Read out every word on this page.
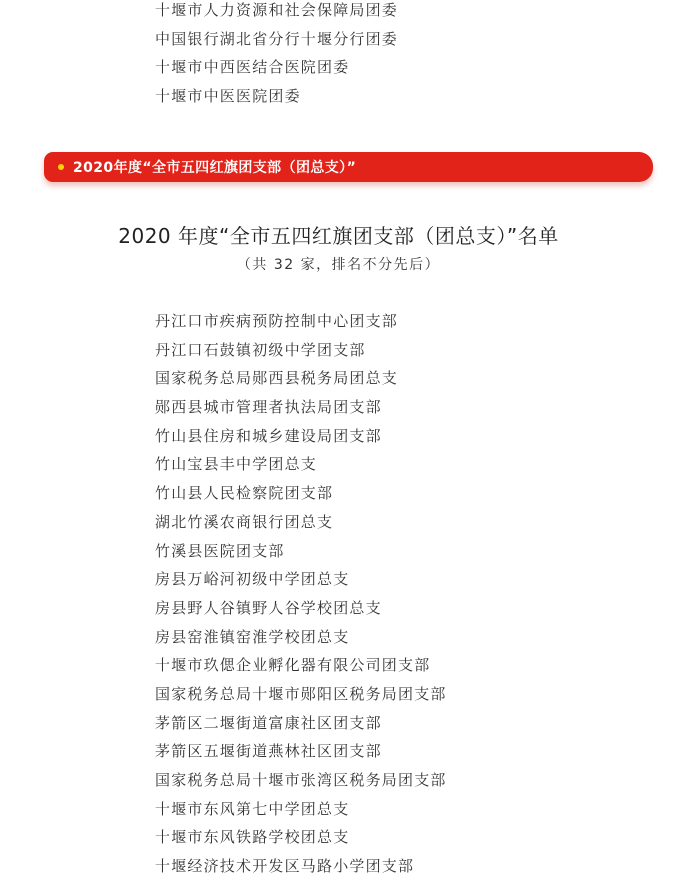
十堰市人力资源和社会保障局团委
中国银行湖北省分行十堰分行团委
十堰市中西医结合医院团委
十堰市中医医院团委
2020年度“全市五四红旗团支部（团总支）”
2020 年度“全市五四红旗团支部（团总支）”名单
（共 32 家，排名不分先后）
丹江口市疾病预防控制中心团支部
丹江口石鼓镇初级中学团支部
国家税务总局郧西县税务局团总支
郧西县城市管理者执法局团支部
竹山县住房和城乡建设局团支部
竹山宝县丰中学团总支
竹山县人民检察院团支部
湖北竹溪农商银行团总支
竹溪县医院团支部
房县万峪河初级中学团总支
房县野人谷镇野人谷学校团总支
房县窑淮镇窑淮学校团总支
十堰市玖偲企业孵化器有限公司团支部
国家税务总局十堰市郧阳区税务局团支部
茅箭区二堰街道富康社区团支部
茅箭区五堰街道燕林社区团支部
国家税务总局十堰市张湾区税务局团支部
十堰市东风第七中学团总支
十堰市东风铁路学校团总支
十堰经济技术开发区马路小学团支部
